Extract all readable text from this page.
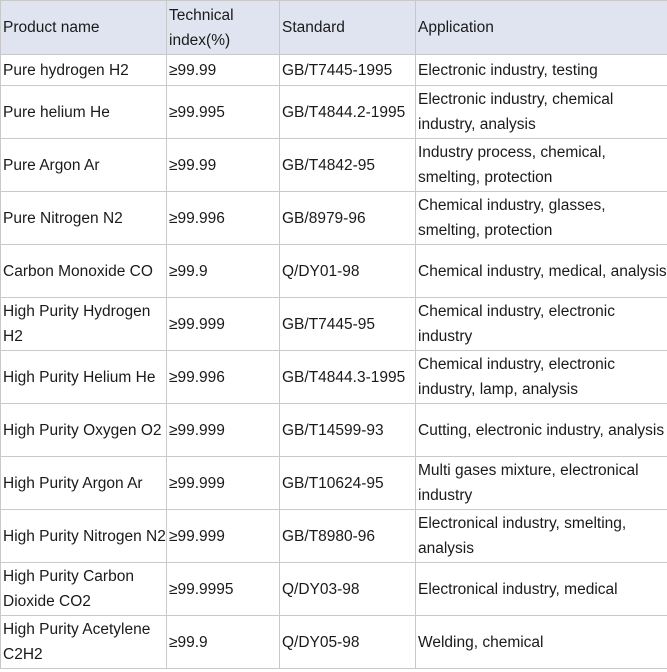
Product name	Technical index(%)	Standard	Application
Pure hydrogen H2	≥99.99	GB/T7445-1995	Electronic industry, testing
Pure helium He	≥99.995	GB/T4844.2-1995	Electronic industry, chemical industry, analysis
Pure Argon Ar	≥99.99	GB/T4842-95	Industry process, chemical, smelting, protection
Pure Nitrogen N2	≥99.996	GB/8979-96	Chemical industry, glasses, smelting, protection
Carbon Monoxide CO	≥99.9	Q/DY01-98	Chemical industry, medical, analysis
High Purity Hydrogen H2	≥99.999	GB/T7445-95	Chemical industry, electronic industry
High Purity Helium He	≥99.996	GB/T4844.3-1995	Chemical industry, electronic industry, lamp, analysis
High Purity Oxygen O2	≥99.999	GB/T14599-93	Cutting, electronic industry, analysis
High Purity Argon Ar	≥99.999	GB/T10624-95	Multi gases mixture, electronical industry
High Purity Nitrogen N2	≥99.999	GB/T8980-96	Electronical industry, smelting, analysis
High Purity Carbon Dioxide CO2	≥99.9995	Q/DY03-98	Electronical industry, medical
High Purity Acetylene C2H2	≥99.9	Q/DY05-98	Welding, chemical
